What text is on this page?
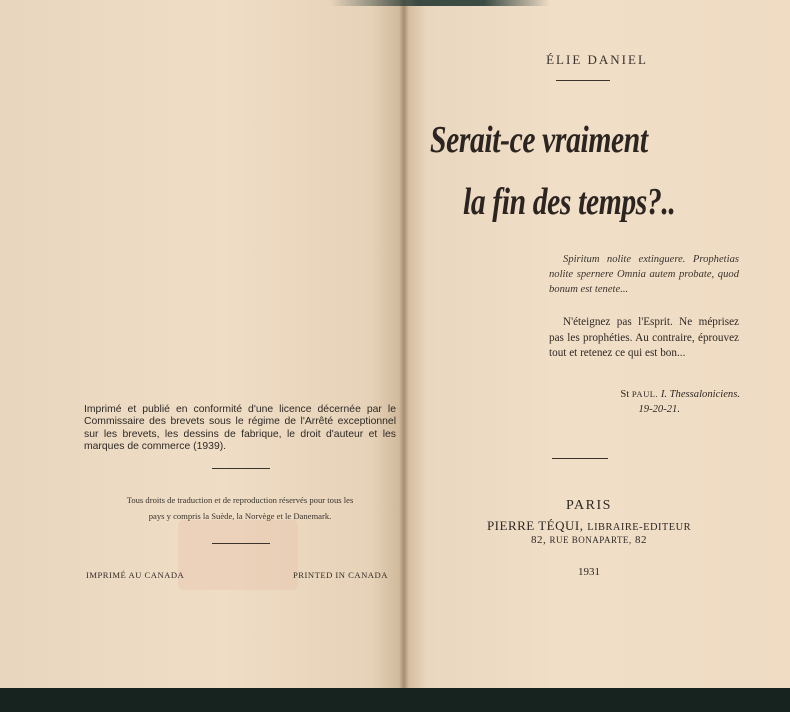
Imprimé et publié en conformité d'une licence décernée par le Commissaire des brevets sous le régime de l'Arrêté exceptionnel sur les brevets, les dessins de fabrique, le droit d'auteur et les marques de commerce (1939).
Tous droits de traduction et de reproduction réservés pour tous les
pays y compris la Suède, la Norvège et le Danemark.
IMPRIMÉ AU CANADA	PRINTED IN CANADA
ÉLIE DANIEL
Serait-ce vraiment
la fin des temps?..
Spiritum nolite extinguere. Prophetias nolite spernere Omnia autem probate, quod bonum est tenete...
N'éteignez pas l'Esprit. Ne méprisez pas les prophéties. Au contraire, éprouvez tout et retenez ce qui est bon...
St PAUL. I. Thessaloniciens.
19-20-21.
PARIS
PIERRE TÉQUI, LIBRAIRE-EDITEUR
82, RUE BONAPARTE, 82
1931
